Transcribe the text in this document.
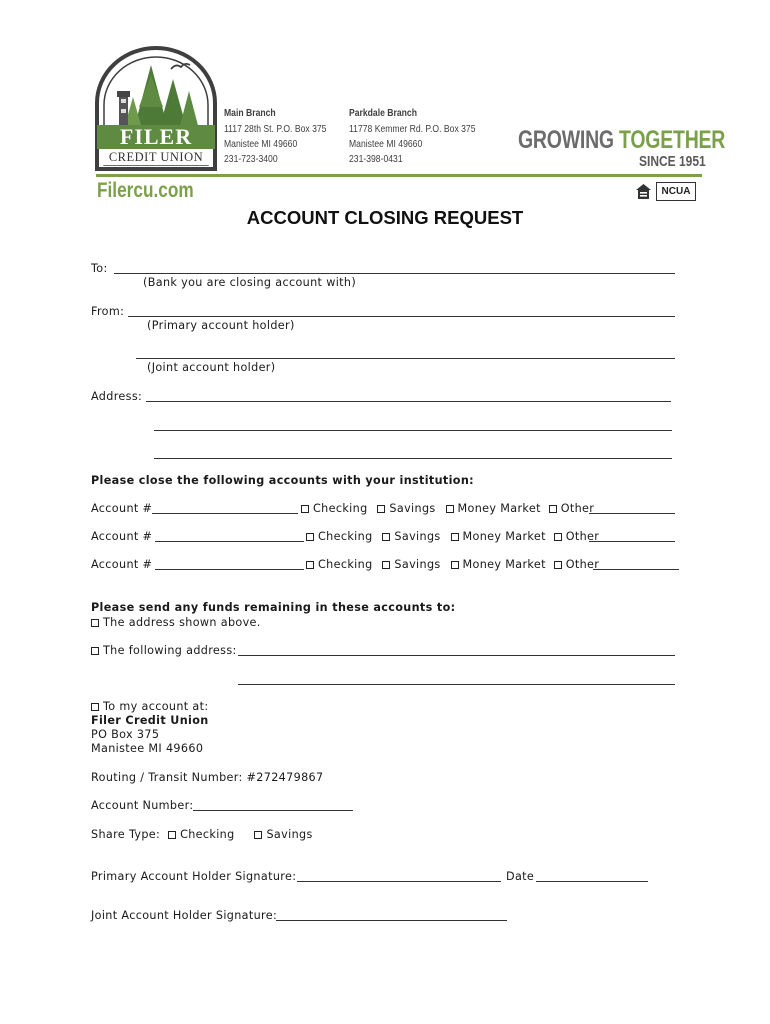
FILER
CREDIT UNION
Main Branch
1117 28th St. P.O. Box 375
Manistee MI 49660
231-723-3400
Parkdale Branch
11778 Kemmer Rd. P.O. Box 375
Manistee MI 49660
231-398-0431
GROWING TOGETHER
SINCE 1951
Filercu.com	NCUA
ACCOUNT CLOSING REQUEST
To:
(Bank you are closing account with)
From:
(Primary account holder)
(Joint account holder)
Address:
Please close the following accounts with your institution:
Account #	Checking Savings Money Market Other
Account #	Checking Savings Money Market Other
Account #	Checking Savings Money Market Other
Please send any funds remaining in these accounts to:
The address shown above.
The following address:
To my account at:
Filer Credit Union
PO Box 375
Manistee MI 49660
Routing / Transit Number: #272479867
Account Number:
Share Type: Checking	Savings
Primary Account Holder Signature:	Date
Joint Account Holder Signature:
